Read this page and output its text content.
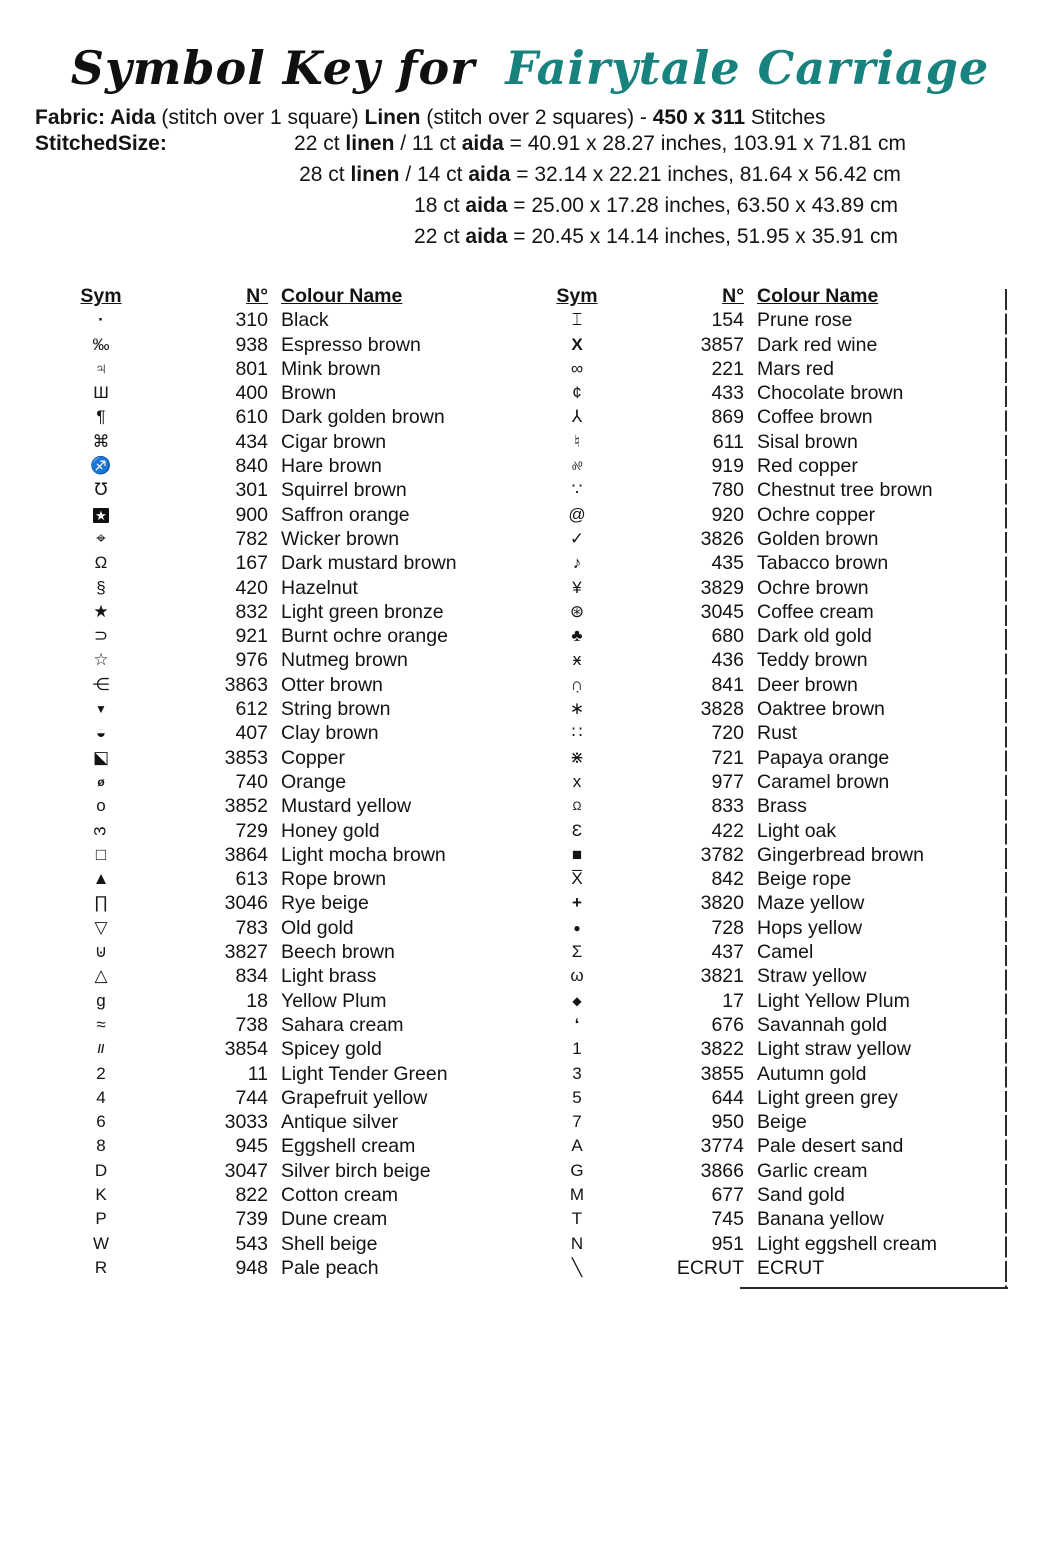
Symbol Key for Fairytale Carriage
Fabric: Aida (stitch over 1 square) Linen (stitch over 2 squares) - 450 x 311 Stitches
StitchedSize:	22 ct linen / 11 ct aida = 40.91 x 28.27 inches, 103.91 x 71.81 cm
28 ct linen / 14 ct aida = 32.14 x 22.21 inches, 81.64 x 56.42 cm
18 ct aida = 25.00 x 17.28 inches, 63.50 x 43.89 cm
22 ct aida = 20.45 x 14.14 inches, 51.95 x 35.91 cm
Sym	N° Colour Name
·	310 Black
‰	938 Espresso brown
♃	801 Mink brown
Ш	400 Brown
¶	610 Dark golden brown
⌘	434 Cigar brown
♐	840 Hare brown
℧	301 Squirrel brown
★	900 Saffron orange
⌖	782 Wicker brown
Ω	167 Dark mustard brown
§	420 Hazelnut
★	832 Light green bronze
⊃	921 Burnt ochre orange
☆	976 Nutmeg brown
⋲	3863 Otter brown
▼	612 String brown
◒	407 Clay brown
⬕	3853 Copper
ø	740 Orange
o	3852 Mustard yellow
3	729 Honey gold
□	3864 Light mocha brown
▲	613 Rope brown
∏	3046 Rye beige
▽	783 Old gold
⊍	3827 Beech brown
△	834 Light brass
g	18 Yellow Plum
≈	738 Sahara cream
//	3854 Spicey gold
2	11 Light Tender Green
4	744 Grapefruit yellow
6	3033 Antique silver
8	945 Eggshell cream
D	3047 Silver birch beige
K	822 Cotton cream
P	739 Dune cream
W	543 Shell beige
R	948 Pale peach
Sym	N° Colour Name
⌶	154 Prune rose
X	3857 Dark red wine
∞	221 Mars red
¢	433 Chocolate brown
⅄	869 Coffee brown
♮	611 Sisal brown
%	919 Red copper
∵	780 Chestnut tree brown
@	920 Ochre copper
✓	3826 Golden brown
♪	435 Tabacco brown
¥	3829 Ochre brown
⊛	3045 Coffee cream
♣	680 Dark old gold
ӿ	436 Teddy brown
∩̣	841 Deer brown
∗	3828 Oaktree brown
∷	720 Rust
⋇	721 Papaya orange
x	977 Caramel brown
Ω	833 Brass
Ɛ	422 Light oak
■	3782 Gingerbread brown
X̅	842 Beige rope
+	3820 Maze yellow
●	728 Hops yellow
Σ	437 Camel
ω	3821 Straw yellow
◆	17 Light Yellow Plum
‘	676 Savannah gold
1	3822 Light straw yellow
3	3855 Autumn gold
5	644 Light green grey
7	950 Beige
A	3774 Pale desert sand
G	3866 Garlic cream
M	677 Sand gold
T	745 Banana yellow
N	951 Light eggshell cream
╲	ECRUT ECRUT
